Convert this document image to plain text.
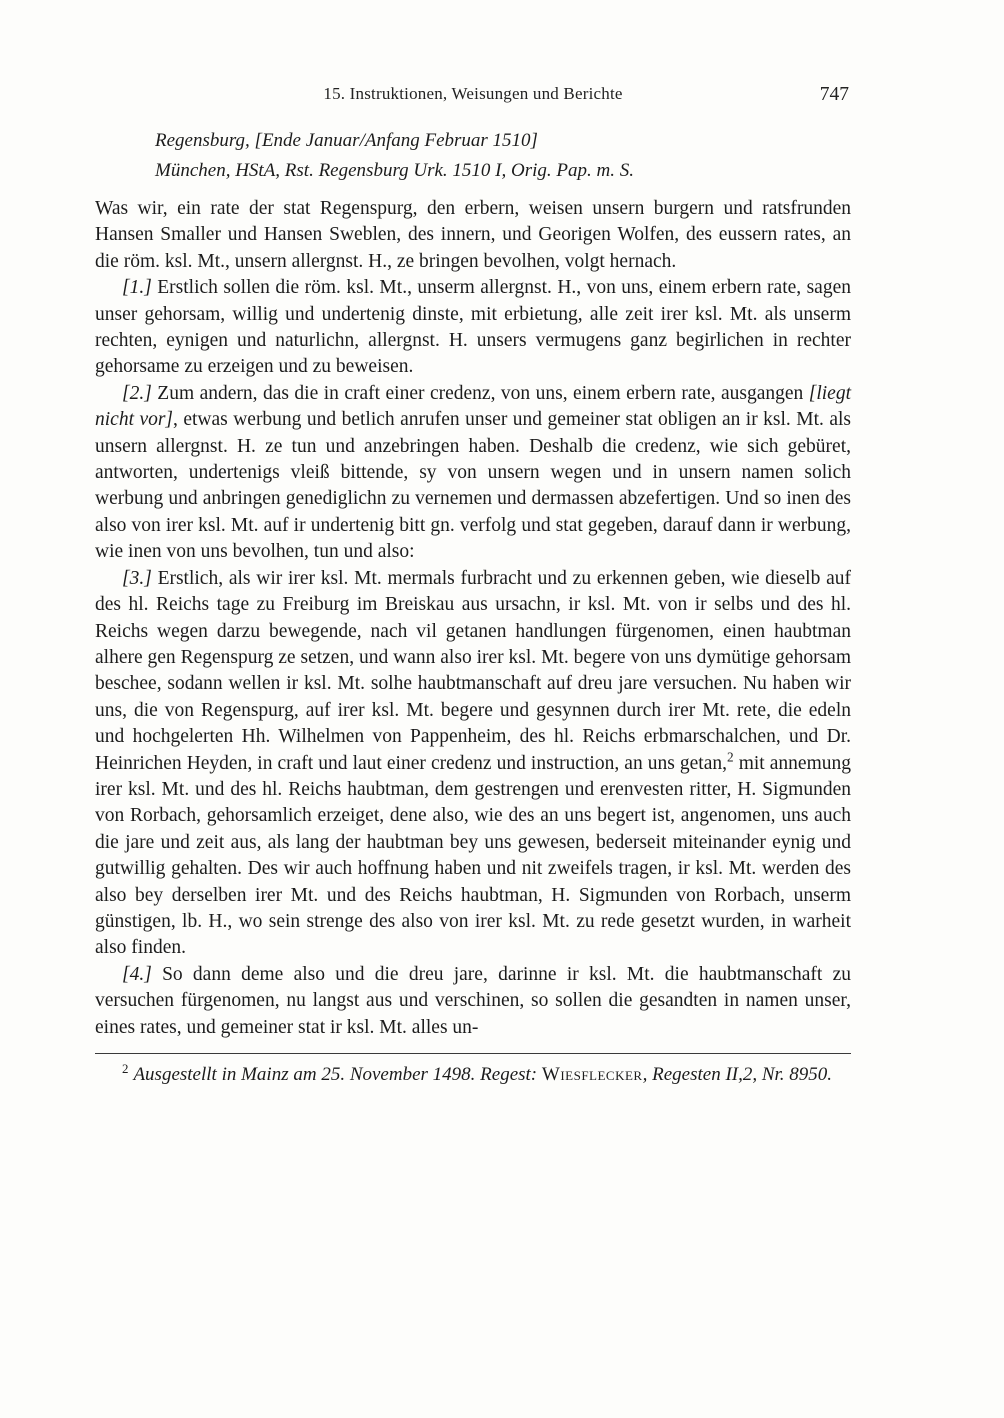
15. Instruktionen, Weisungen und Berichte	747

Regensburg, [Ende Januar/Anfang Februar 1510]

München, HStA, Rst. Regensburg Urk. 1510 I, Orig. Pap. m. S.

Was wir, ein rate der stat Regenspurg, den erbern, weisen unsern burgern und ratsfrunden Hansen Smaller und Hansen Sweblen, des innern, und Georigen Wolfen, des eussern rates, an die röm. ksl. Mt., unsern allergnst. H., ze bringen bevolhen, volgt hernach.

[1.] Erstlich sollen die röm. ksl. Mt., unserm allergnst. H., von uns, einem erbern rate, sagen unser gehorsam, willig und undertenig dinste, mit erbietung, alle zeit irer ksl. Mt. als unserm rechten, eynigen und naturlichn, allergnst. H. unsers vermugens ganz begirlichen in rechter gehorsame zu erzeigen und zu beweisen.

[2.] Zum andern, das die in craft einer credenz, von uns, einem erbern rate, ausgangen [liegt nicht vor], etwas werbung und betlich anrufen unser und gemeiner stat obligen an ir ksl. Mt. als unsern allergnst. H. ze tun und anzebringen haben. Deshalb die credenz, wie sich gebüret, antworten, undertenigs vleiß bittende, sy von unsern wegen und in unsern namen solich werbung und anbringen genediglichn zu vernemen und dermassen abzefertigen. Und so inen des also von irer ksl. Mt. auf ir undertenig bitt gn. verfolg und stat gegeben, darauf dann ir werbung, wie inen von uns bevolhen, tun und also:

[3.] Erstlich, als wir irer ksl. Mt. mermals furbracht und zu erkennen geben, wie dieselb auf des hl. Reichs tage zu Freiburg im Breiskau aus ursachn, ir ksl. Mt. von ir selbs und des hl. Reichs wegen darzu bewegende, nach vil getanen handlungen fürgenomen, einen haubtman alhere gen Regenspurg ze setzen, und wann also irer ksl. Mt. begere von uns dymütige gehorsam beschee, sodann wellen ir ksl. Mt. solhe haubtmanschaft auf dreu jare versuchen. Nu haben wir uns, die von Regenspurg, auf irer ksl. Mt. begere und gesynnen durch irer Mt. rete, die edeln und hochgelerten Hh. Wilhelmen von Pappenheim, des hl. Reichs erbmarschalchen, und Dr. Heinrichen Heyden, in craft und laut einer credenz und instruction, an uns getan,$^2$ mit annemung irer ksl. Mt. und des hl. Reichs haubtman, dem gestrengen und erenvesten ritter, H. Sigmunden von Rorbach, gehorsamlich erzeiget, dene also, wie des an uns begert ist, angenomen, uns auch die jare und zeit aus, als lang der haubtman bey uns gewesen, bederseit miteinander eynig und gutwillig gehalten. Des wir auch hoffnung haben und nit zweifels tragen, ir ksl. Mt. werden des also bey derselben irer Mt. und des Reichs haubtman, H. Sigmunden von Rorbach, unserm günstigen, lb. H., wo sein strenge des also von irer ksl. Mt. zu rede gesetzt wurden, in warheit also finden.

[4.] So dann deme also und die dreu jare, darinne ir ksl. Mt. die haubtmanschaft zu versuchen fürgenomen, nu langst aus und verschinen, so sollen die gesandten in namen unser, eines rates, und gemeiner stat ir ksl. Mt. alles un-

$^2$ Ausgestellt in Mainz am 25. November 1498. Regest: Wiesflecker, Regesten II,2, Nr. 8950.
